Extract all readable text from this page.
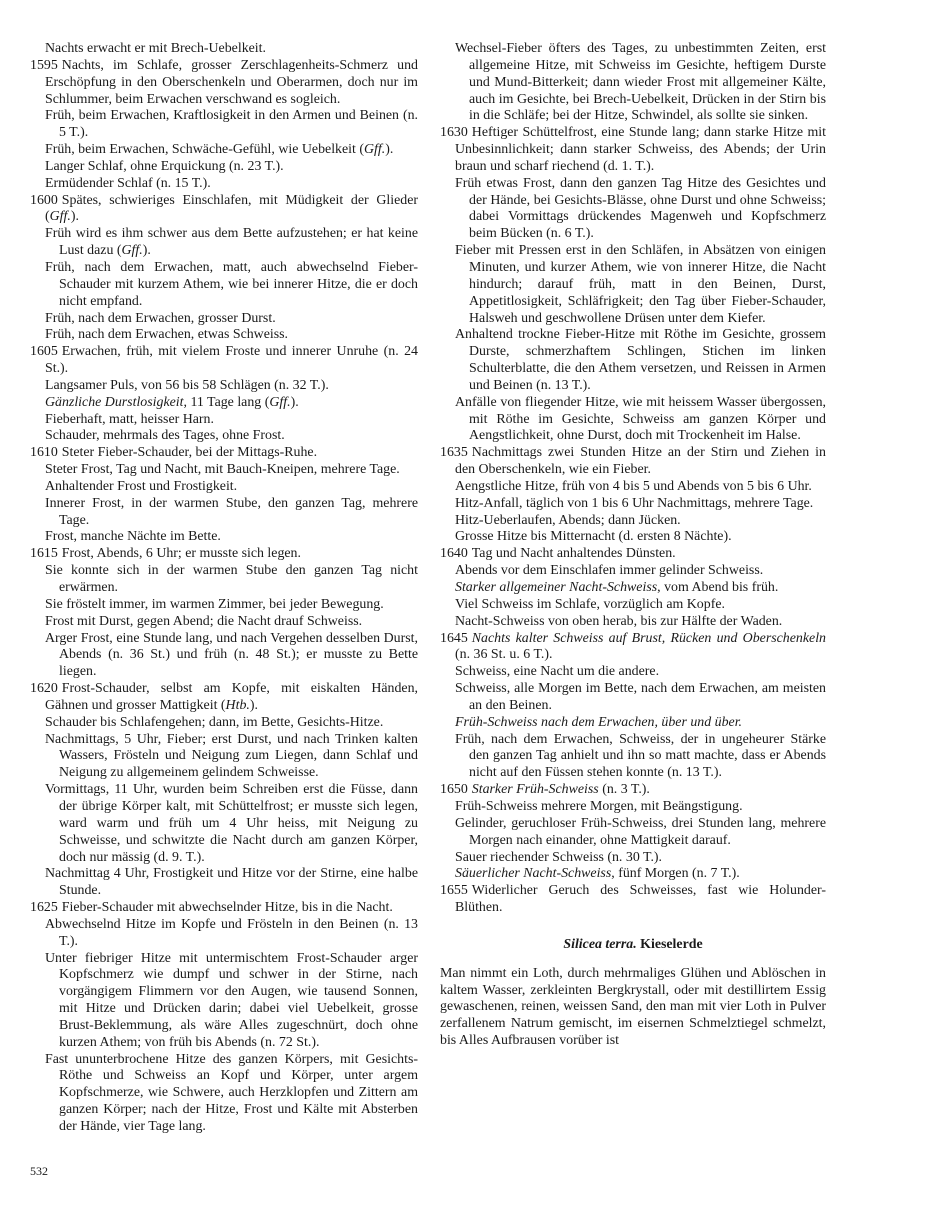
Nachts erwacht er mit Brech-Uebelkeit.

1595 Nachts, im Schlafe, grosser Zerschlagenheits-Schmerz und Erschöpfung in den Oberschenkeln und Oberarmen, doch nur im Schlummer, beim Erwachen verschwand es sogleich.

Früh, beim Erwachen, Kraftlosigkeit in den Armen und Beinen (n. 5 T.).

Früh, beim Erwachen, Schwäche-Gefühl, wie Uebelkeit (Gff.).

Langer Schlaf, ohne Erquickung (n. 23 T.).

Ermüdender Schlaf (n. 15 T.).

1600 Spätes, schwieriges Einschlafen, mit Müdigkeit der Glieder (Gff.).

Früh wird es ihm schwer aus dem Bette aufzustehen; er hat keine Lust dazu (Gff.).

Früh, nach dem Erwachen, matt, auch abwechselnd Fieber-Schauder mit kurzem Athem, wie bei innerer Hitze, die er doch nicht empfand.

Früh, nach dem Erwachen, grosser Durst.

Früh, nach dem Erwachen, etwas Schweiss.

1605 Erwachen, früh, mit vielem Froste und innerer Unruhe (n. 24 St.).

Langsamer Puls, von 56 bis 58 Schlägen (n. 32 T.).

Gänzliche Durstlosigkeit, 11 Tage lang (Gff.).

Fieberhaft, matt, heisser Harn.

Schauder, mehrmals des Tages, ohne Frost.

1610 Steter Fieber-Schauder, bei der Mittags-Ruhe.

Steter Frost, Tag und Nacht, mit Bauch-Kneipen, mehrere Tage.

Anhaltender Frost und Frostigkeit.

Innerer Frost, in der warmen Stube, den ganzen Tag, mehrere Tage.

Frost, manche Nächte im Bette.

1615 Frost, Abends, 6 Uhr; er musste sich legen.

Sie konnte sich in der warmen Stube den ganzen Tag nicht erwärmen.

Sie fröstelt immer, im warmen Zimmer, bei jeder Bewegung.

Frost mit Durst, gegen Abend; die Nacht drauf Schweiss.

Arger Frost, eine Stunde lang, und nach Vergehen desselben Durst, Abends (n. 36 St.) und früh (n. 48 St.); er musste zu Bette liegen.

1620 Frost-Schauder, selbst am Kopfe, mit eiskalten Händen, Gähnen und grosser Mattigkeit (Htb.).

Schauder bis Schlafengehen; dann, im Bette, Gesichts-Hitze.

Nachmittags, 5 Uhr, Fieber; erst Durst, und nach Trinken kalten Wassers, Frösteln und Neigung zum Liegen, dann Schlaf und Neigung zu allgemeinem gelindem Schweisse.

Vormittags, 11 Uhr, wurden beim Schreiben erst die Füsse, dann der übrige Körper kalt, mit Schüttelfrost; er musste sich legen, ward warm und früh um 4 Uhr heiss, mit Neigung zu Schweisse, und schwitzte die Nacht durch am ganzen Körper, doch nur mässig (d. 9. T.).

Nachmittag 4 Uhr, Frostigkeit und Hitze vor der Stirne, eine halbe Stunde.

1625 Fieber-Schauder mit abwechselnder Hitze, bis in die Nacht.

Abwechselnd Hitze im Kopfe und Frösteln in den Beinen (n. 13 T.).

Unter fiebriger Hitze mit untermischtem Frost-Schauder arger Kopfschmerz wie dumpf und schwer in der Stirne, nach vorgängigem Flimmern vor den Augen, wie tausend Sonnen, mit Hitze und Drücken darin; dabei viel Uebelkeit, grosse Brust-Beklemmung, als wäre Alles zugeschnürt, doch ohne kurzen Athem; von früh bis Abends (n. 72 St.).

Fast ununterbrochene Hitze des ganzen Körpers, mit Gesichts-Röthe und Schweiss an Kopf und Körper, unter argem Kopfschmerze, wie Schwere, auch Herzklopfen und Zittern am ganzen Körper; nach der Hitze, Frost und Kälte mit Absterben der Hände, vier Tage lang.

Wechsel-Fieber öfters des Tages, zu unbestimmten Zeiten, erst allgemeine Hitze, mit Schweiss im Gesichte, heftigem Durste und Mund-Bitterkeit; dann wieder Frost mit allgemeiner Kälte, auch im Gesichte, bei Brech-Uebelkeit, Drücken in der Stirn bis in die Schläfe; bei der Hitze, Schwindel, als sollte sie sinken.

1630 Heftiger Schüttelfrost, eine Stunde lang; dann starke Hitze mit Unbesinnlichkeit; dann starker Schweiss, des Abends; der Urin braun und scharf riechend (d. 1. T.).

Früh etwas Frost, dann den ganzen Tag Hitze des Gesichtes und der Hände, bei Gesichts-Blässe, ohne Durst und ohne Schweiss; dabei Vormittags drückendes Magenweh und Kopfschmerz beim Bücken (n. 6 T.).

Fieber mit Pressen erst in den Schläfen, in Absätzen von einigen Minuten, und kurzer Athem, wie von innerer Hitze, die Nacht hindurch; darauf früh, matt in den Beinen, Durst, Appetitlosigkeit, Schläfrigkeit; den Tag über Fieber-Schauder, Halsweh und geschwollene Drüsen unter dem Kiefer.

Anhaltend trockne Fieber-Hitze mit Röthe im Gesichte, grossem Durste, schmerzhaftem Schlingen, Stichen im linken Schulterblatte, die den Athem versetzen, und Reissen in Armen und Beinen (n. 13 T.).

Anfälle von fliegender Hitze, wie mit heissem Wasser übergossen, mit Röthe im Gesichte, Schweiss am ganzen Körper und Aengstlichkeit, ohne Durst, doch mit Trockenheit im Halse.

1635 Nachmittags zwei Stunden Hitze an der Stirn und Ziehen in den Oberschenkeln, wie ein Fieber.

Aengstliche Hitze, früh von 4 bis 5 und Abends von 5 bis 6 Uhr.

Hitz-Anfall, täglich von 1 bis 6 Uhr Nachmittags, mehrere Tage.

Hitz-Ueberlaufen, Abends; dann Jücken.

Grosse Hitze bis Mitternacht (d. ersten 8 Nächte).

1640 Tag und Nacht anhaltendes Dünsten.

Abends vor dem Einschlafen immer gelinder Schweiss.

Starker allgemeiner Nacht-Schweiss, vom Abend bis früh.

Viel Schweiss im Schlafe, vorzüglich am Kopfe.

Nacht-Schweiss von oben herab, bis zur Hälfte der Waden.

1645 Nachts kalter Schweiss auf Brust, Rücken und Oberschenkeln (n. 36 St. u. 6 T.).

Schweiss, eine Nacht um die andere.

Schweiss, alle Morgen im Bette, nach dem Erwachen, am meisten an den Beinen.

Früh-Schweiss nach dem Erwachen, über und über.

Früh, nach dem Erwachen, Schweiss, der in ungeheurer Stärke den ganzen Tag anhielt und ihn so matt machte, dass er Abends nicht auf den Füssen stehen konnte (n. 13 T.).

1650 Starker Früh-Schweiss (n. 3 T.).

Früh-Schweiss mehrere Morgen, mit Beängstigung.

Gelinder, geruchloser Früh-Schweiss, drei Stunden lang, mehrere Morgen nach einander, ohne Mattigkeit darauf.

Sauer riechender Schweiss (n. 30 T.).

Säuerlicher Nacht-Schweiss, fünf Morgen (n. 7 T.).

1655 Widerlicher Geruch des Schweisses, fast wie Holunder-Blüthen.

Silicea terra. Kieselerde

Man nimmt ein Loth, durch mehrmaliges Glühen und Ablöschen in kaltem Wasser, zerkleinten Bergkrystall, oder mit destillirtem Essig gewaschenen, reinen, weissen Sand, den man mit vier Loth in Pulver zerfallenem Natrum gemischt, im eisernen Schmelztiegel schmelzt, bis Alles Aufbrausen vorüber ist

532
